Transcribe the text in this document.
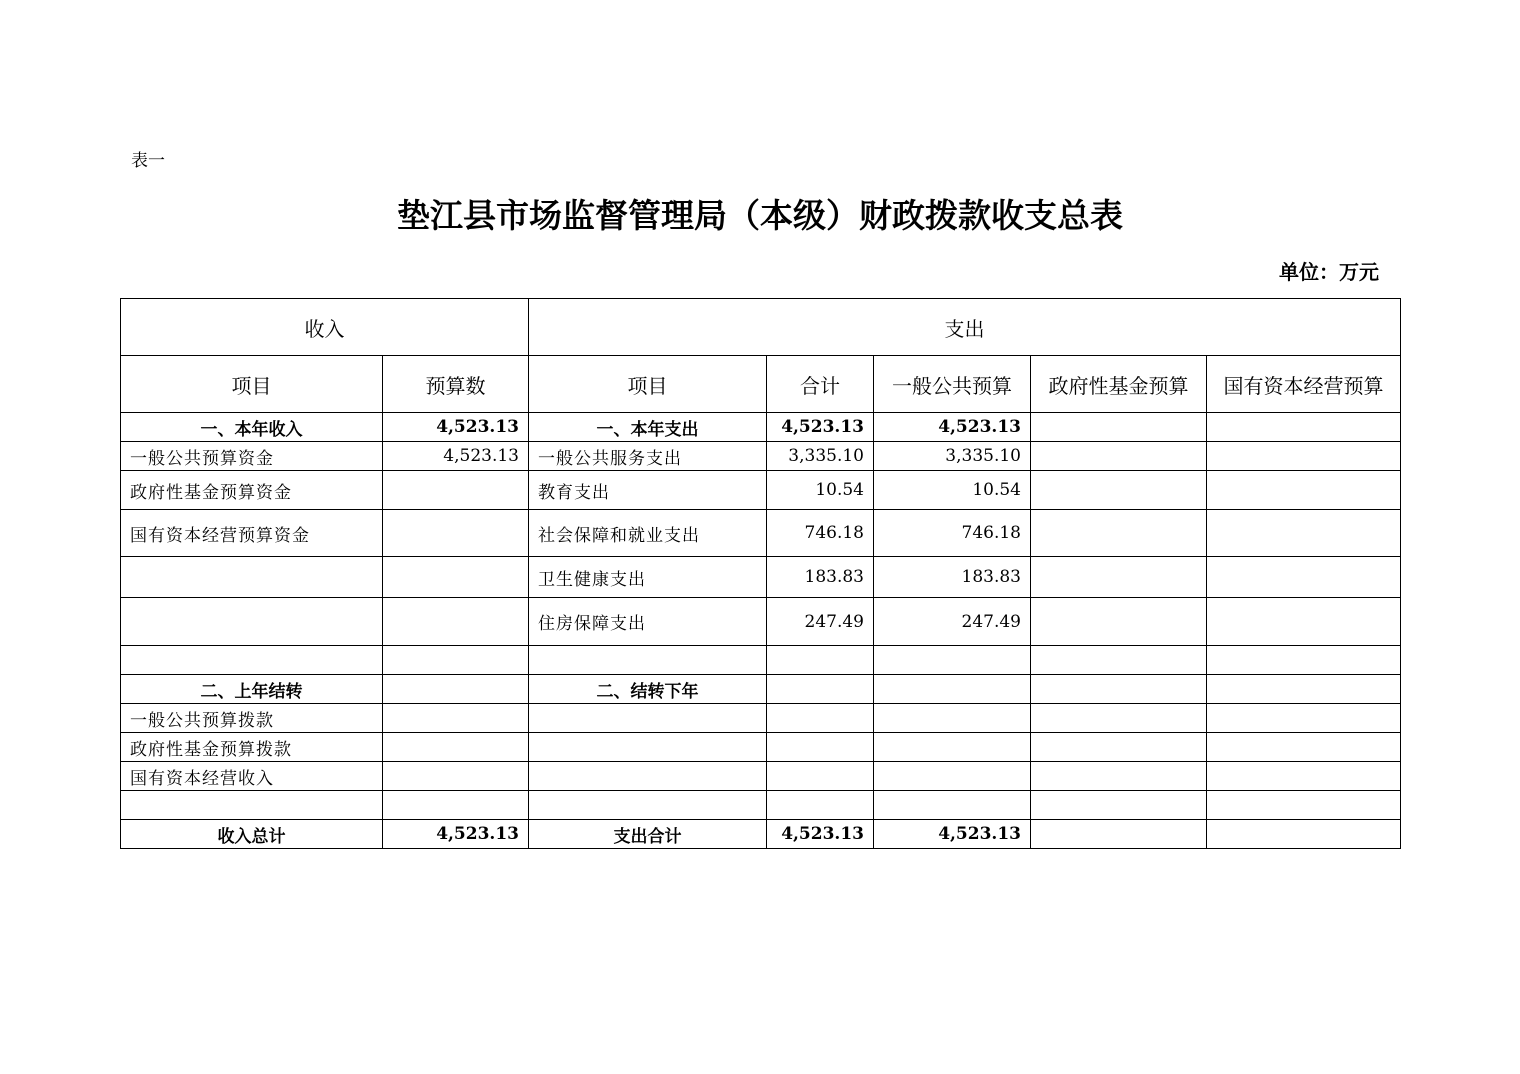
表一
垫江县市场监督管理局（本级）财政拨款收支总表
单位：万元
收入		支出				
项目	预算数	项目	合计	一般公共预算	政府性基金预算	国有资本经营预算
一、本年收入	4,523.13	一、本年支出	4,523.13	4,523.13		
一般公共预算资金	4,523.13	一般公共服务支出	3,335.10	3,335.10		
政府性基金预算资金		教育支出	10.54	10.54		
国有资本经营预算资金		社会保障和就业支出	746.18	746.18		
		卫生健康支出	183.83	183.83		
		住房保障支出	247.49	247.49		

二、上年结转		二、结转下年				
一般公共预算拨款						
政府性基金预算拨款						
国有资本经营收入						

收入总计	4,523.13	支出合计	4,523.13	4,523.13		
